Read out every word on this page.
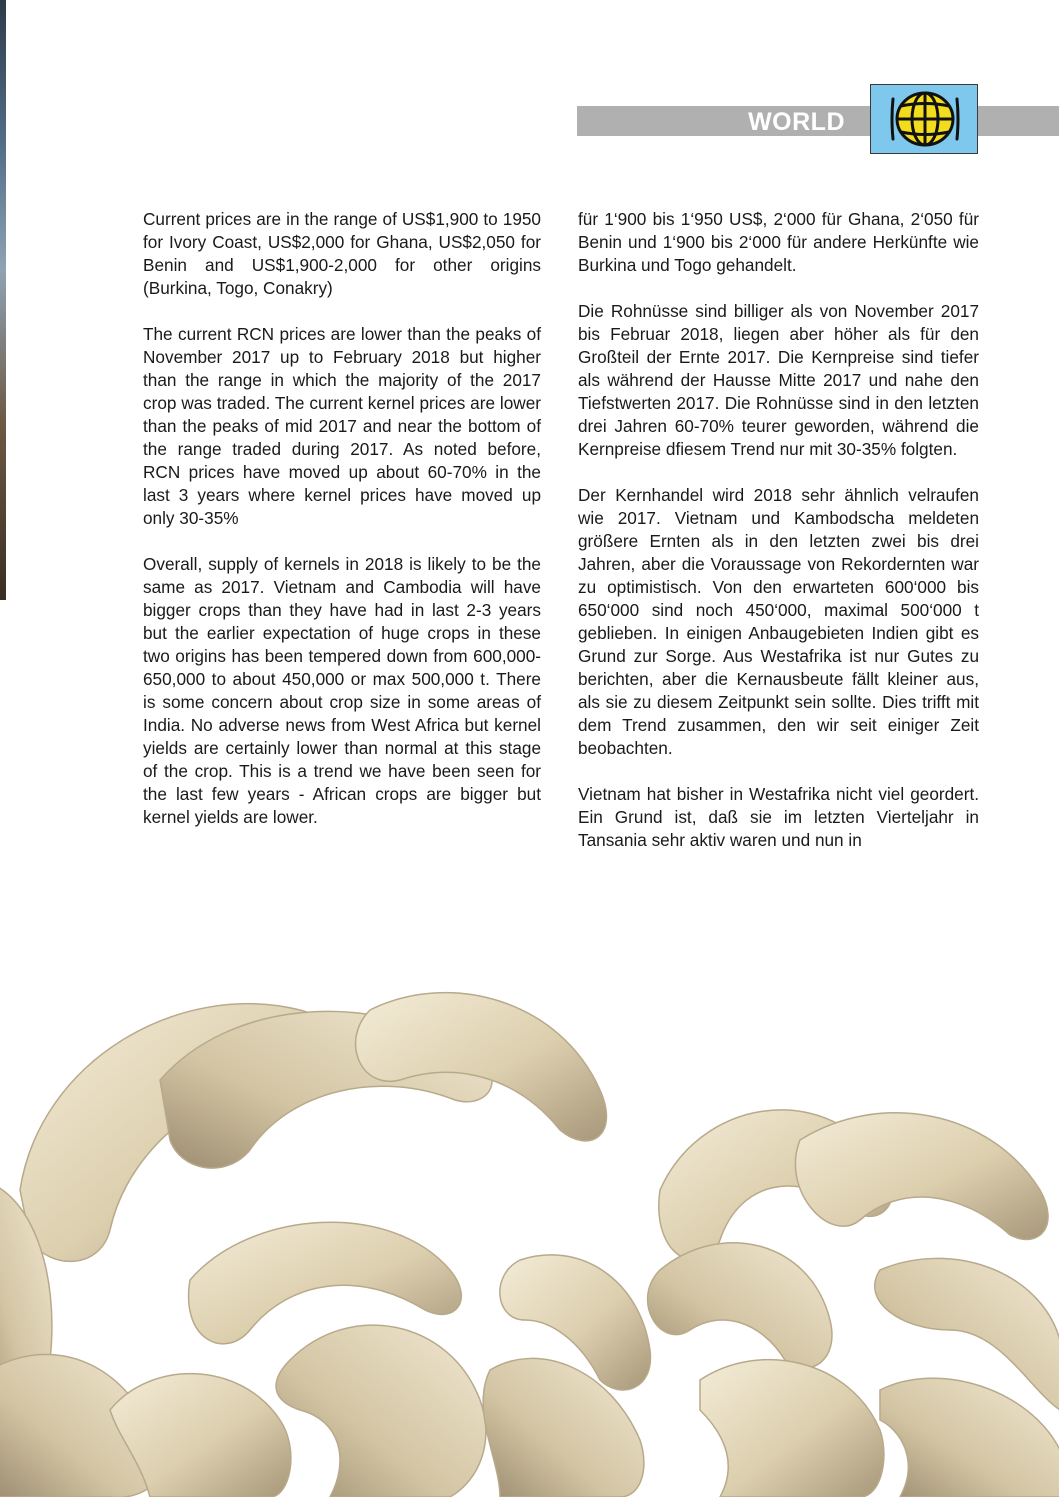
WORLD

Current prices are in the range of US$1,900 to 1950 for Ivory Coast, US$2,000 for Ghana, US$2,050 for Benin and US$1,900-2,000 for other origins (Burkina, Togo, Conakry)

The current RCN prices are lower than the peaks of November 2017 up to February 2018 but higher than the range in which the majority of the 2017 crop was traded. The current kernel prices are lower than the peaks of mid 2017 and near the bottom of the range traded during 2017. As noted before, RCN prices have moved up about 60-70% in the last 3 years where kernel prices have moved up only 30-35%

Overall, supply of kernels in 2018 is likely to be the same as 2017. Vietnam and Cambodia will have bigger crops than they have had in last 2-3 years but the earlier expectation of huge crops in these two origins has been tempered down from 600,000-650,000 to about 450,000 or max 500,000 t. There is some concern about crop size in some areas of India. No adverse news from West Africa but kernel yields are certainly lower than normal at this stage of the crop. This is a trend we have been seen for the last few years - African crops are bigger but kernel yields are lower.

für 1‘900 bis 1‘950 US$, 2‘000 für Ghana, 2‘050 für Benin und 1‘900 bis 2‘000 für andere Herkünfte wie Burkina und Togo gehandelt.

Die Rohnüsse sind billiger als von November 2017 bis Februar 2018, liegen aber höher als für den Großteil der Ernte 2017. Die Kernpreise sind tiefer als während der Hausse Mitte 2017 und nahe den Tiefstwerten 2017. Die Rohnüsse sind in den letzten drei Jahren 60-70% teurer geworden, während die Kernpreise dfiesem Trend nur mit 30-35% folgten.

Der Kernhandel wird 2018 sehr ähnlich velraufen wie 2017. Vietnam und Kambodscha meldeten größere Ernten als in den letzten zwei bis drei Jahren, aber die Voraussage von Rekordernten war zu optimistisch. Von den erwarteten 600‘000 bis 650‘000 sind noch 450‘000, maximal 500‘000 t geblieben. In einigen Anbaugebieten Indien gibt es Grund zur Sorge. Aus Westafrika ist nur Gutes zu berichten, aber die Kernausbeute fällt kleiner aus, als sie zu diesem Zeitpunkt sein sollte. Dies trifft mit dem Trend zusammen, den wir seit einiger Zeit beobachten.

Vietnam hat bisher in Westafrika nicht viel geordert. Ein Grund ist, daß sie im letzten Vierteljahr in Tansania sehr aktiv waren und nun in
